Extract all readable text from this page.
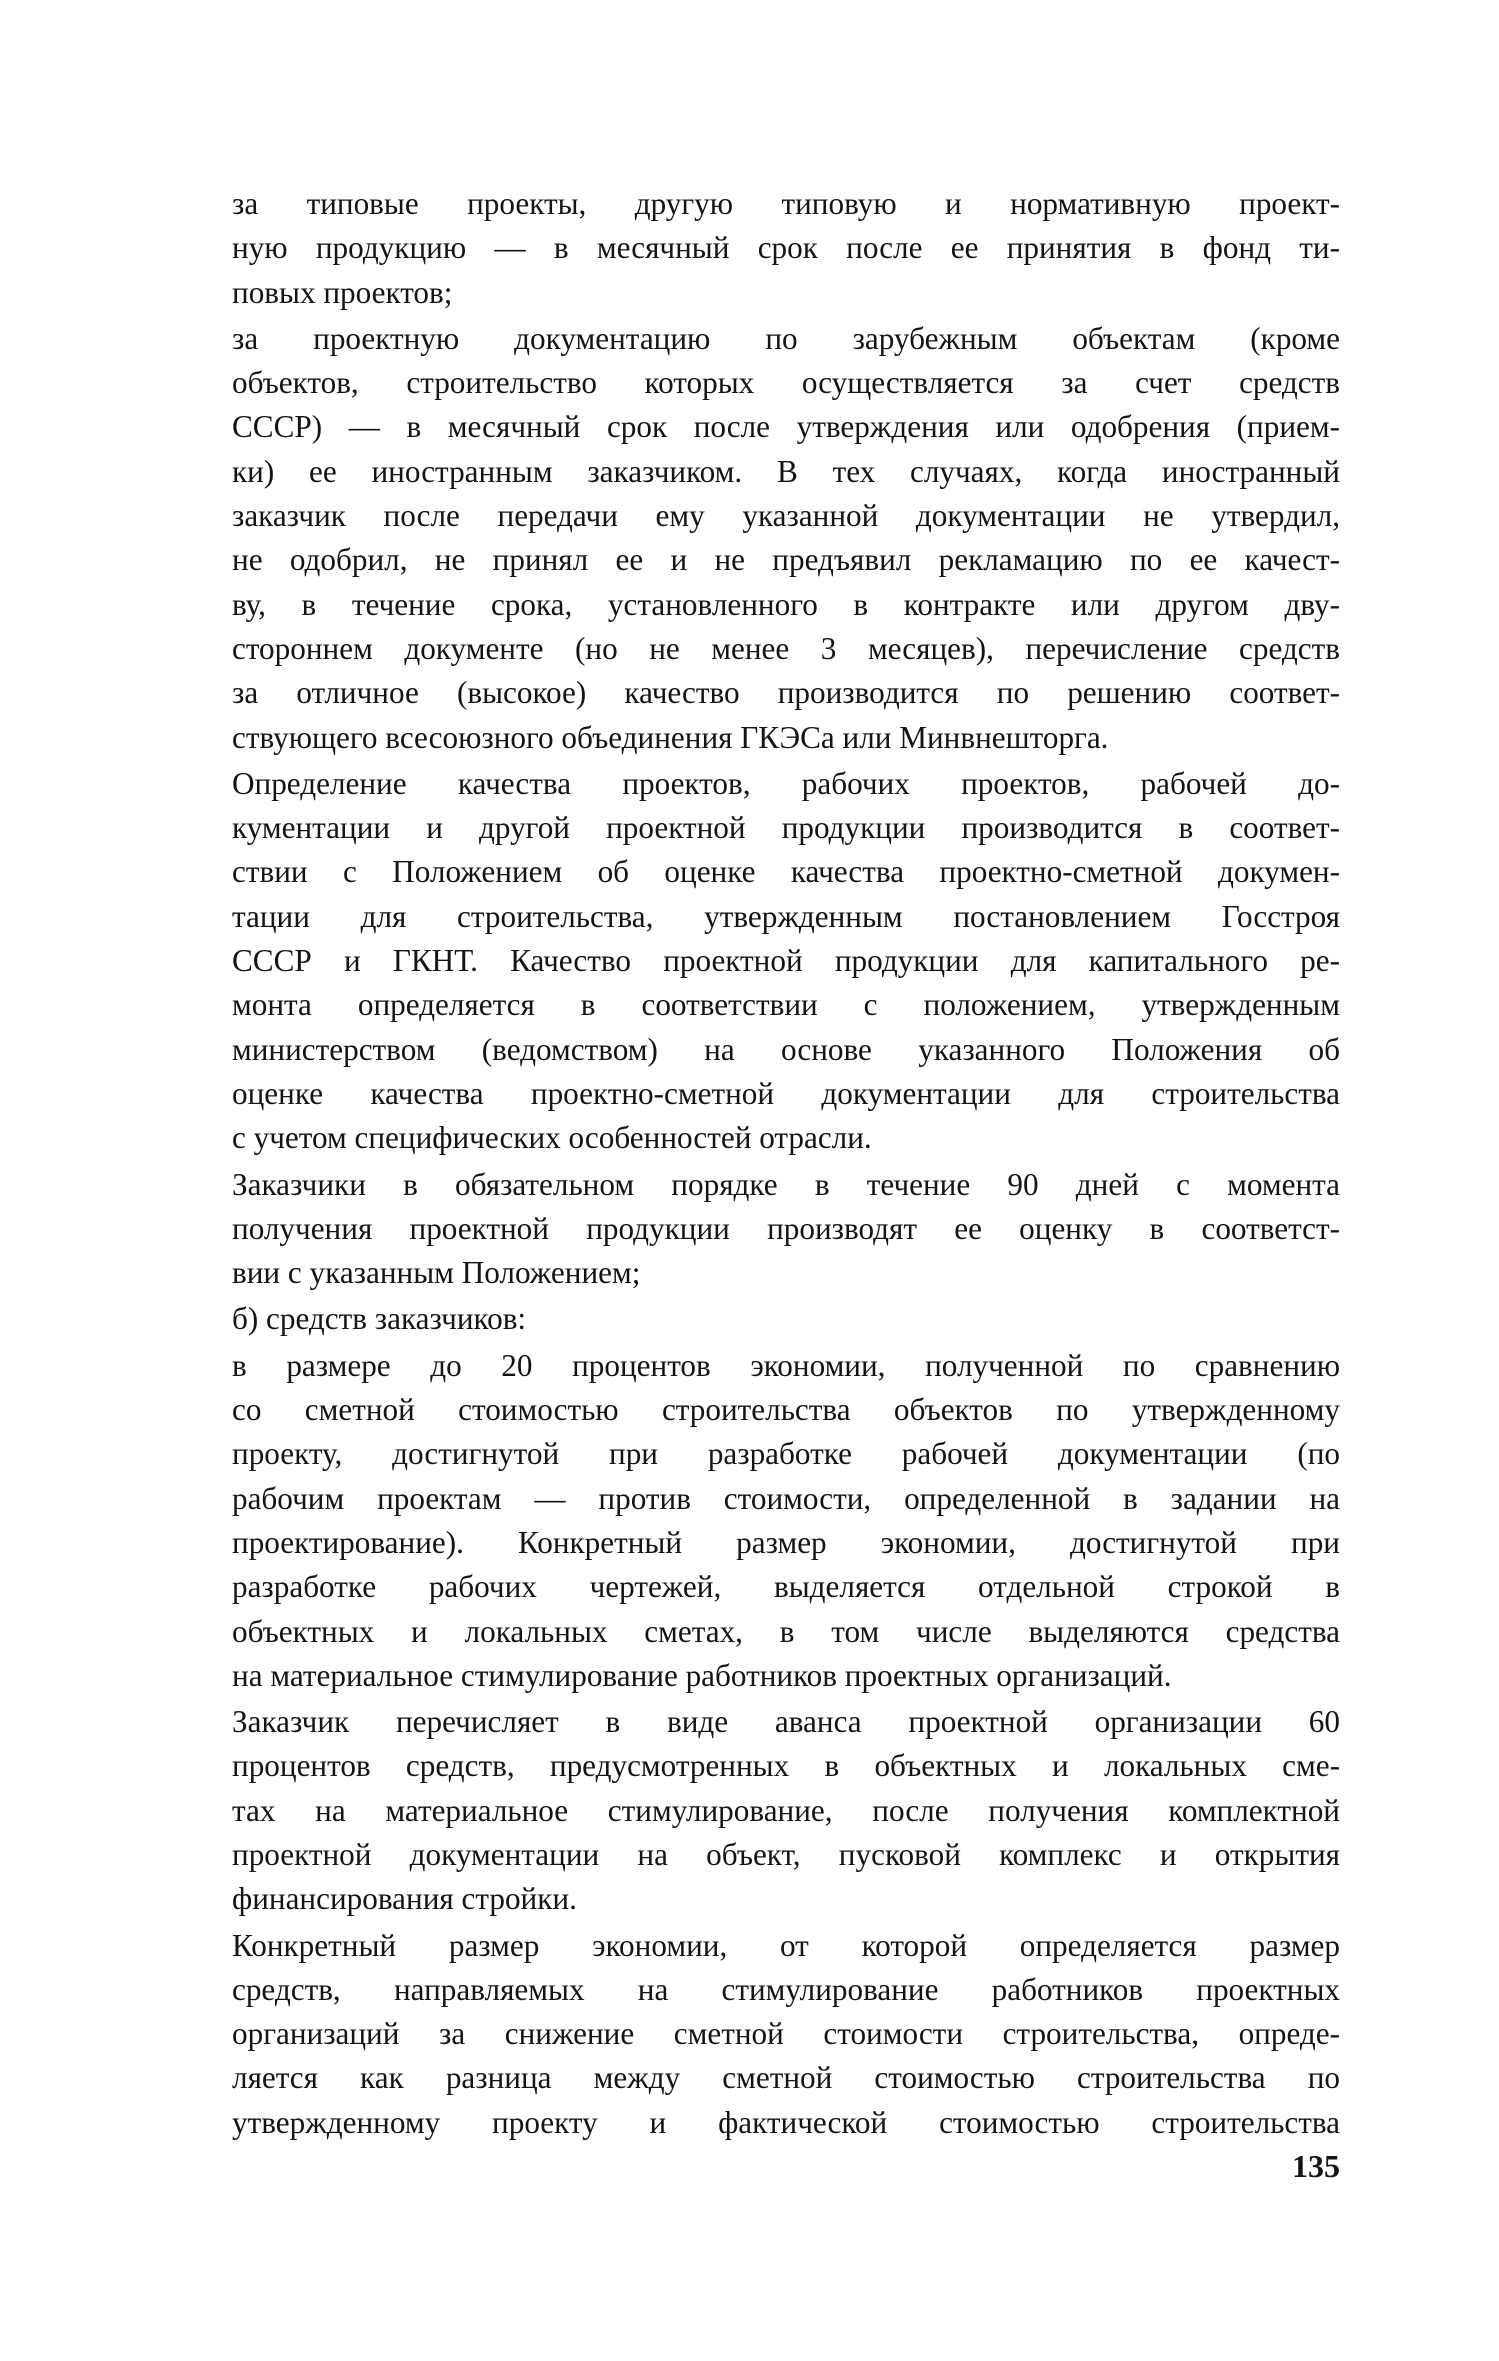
за типовые проекты, другую типовую и нормативную проект-
ную продукцию — в месячный срок после ее принятия в фонд ти-
повых проектов;
за проектную документацию по зарубежным объектам (кроме
объектов, строительство которых осуществляется за счет средств
СССР) — в месячный срок после утверждения или одобрения (прием-
ки) ее иностранным заказчиком. В тех случаях, когда иностранный
заказчик после передачи ему указанной документации не утвердил,
не одобрил, не принял ее и не предъявил рекламацию по ее качест-
ву, в течение срока, установленного в контракте или другом дву-
стороннем документе (но не менее 3 месяцев), перечисление средств
за отличное (высокое) качество производится по решению соответ-
ствующего всесоюзного объединения ГКЭСа или Минвнешторга.
Определение качества проектов, рабочих проектов, рабочей до-
кументации и другой проектной продукции производится в соответ-
ствии с Положением об оценке качества проектно-сметной докумен-
тации для строительства, утвержденным постановлением Госстроя
СССР и ГКНТ. Качество проектной продукции для капитального ре-
монта определяется в соответствии с положением, утвержденным
министерством (ведомством) на основе указанного Положения об
оценке качества проектно-сметной документации для строительства
с учетом специфических особенностей отрасли.
Заказчики в обязательном порядке в течение 90 дней с момента
получения проектной продукции производят ее оценку в соответст-
вии с указанным Положением;
б) средств заказчиков:
в размере до 20 процентов экономии, полученной по сравнению
со сметной стоимостью строительства объектов по утвержденному
проекту, достигнутой при разработке рабочей документации (по
рабочим проектам — против стоимости, определенной в задании на
проектирование). Конкретный размер экономии, достигнутой при
разработке рабочих чертежей, выделяется отдельной строкой в
объектных и локальных сметах, в том числе выделяются средства
на материальное стимулирование работников проектных организаций.
Заказчик перечисляет в виде аванса проектной организации 60
процентов средств, предусмотренных в объектных и локальных сме-
тах на материальное стимулирование, после получения комплектной
проектной документации на объект, пусковой комплекс и открытия
финансирования стройки.
Конкретный размер экономии, от которой определяется размер
средств, направляемых на стимулирование работников проектных
организаций за снижение сметной стоимости строительства, опреде-
ляется как разница между сметной стоимостью строительства по
утвержденному проекту и фактической стоимостью строительства
135
